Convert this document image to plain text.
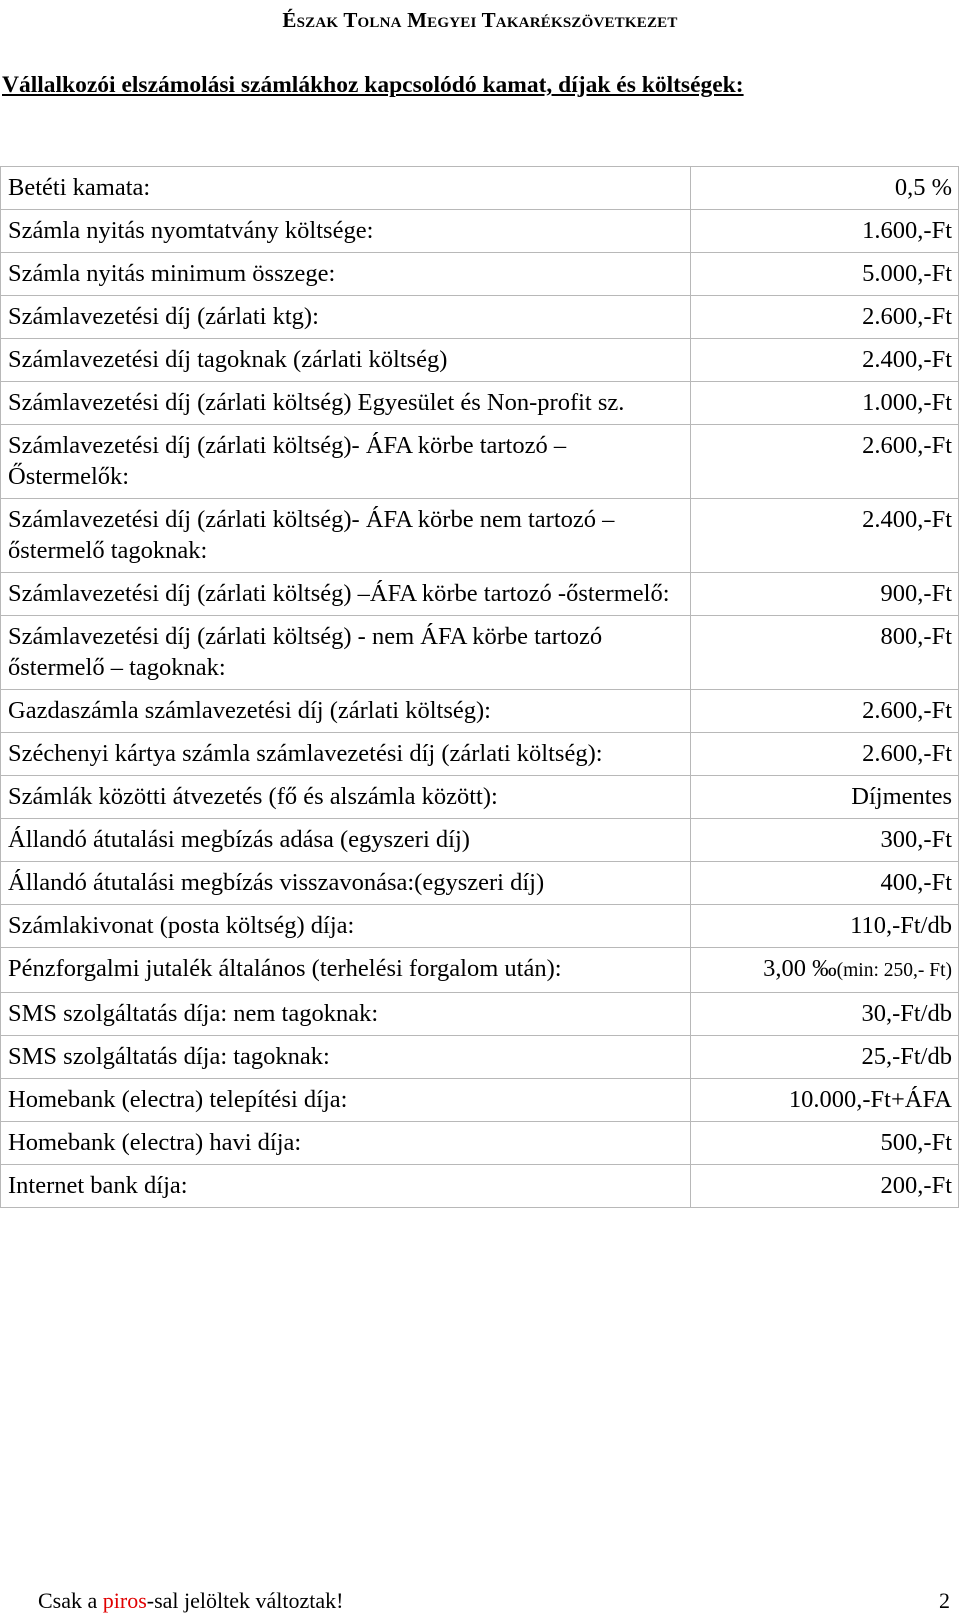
Észak Tolna Megyei Takarékszövetkezet
Vállalkozói elszámolási számlákhoz kapcsolódó kamat, díjak és költségek:
Betéti kamata:	0,5 %
Számla nyitás nyomtatvány költsége:	1.600,-Ft
Számla nyitás minimum összege:	5.000,-Ft
Számlavezetési díj (zárlati ktg):	2.600,-Ft
Számlavezetési díj tagoknak (zárlati költség)	2.400,-Ft
Számlavezetési díj (zárlati költség) Egyesület és Non-profit sz.	1.000,-Ft
Számlavezetési díj (zárlati költség)- ÁFA körbe tartozó – Őstermelők:	2.600,-Ft
Számlavezetési díj (zárlati költség)- ÁFA körbe nem tartozó –őstermelő tagoknak:	2.400,-Ft
Számlavezetési díj (zárlati költség) –ÁFA körbe tartozó -őstermelő:	900,-Ft
Számlavezetési díj (zárlati költség) - nem ÁFA körbe tartozó őstermelő – tagoknak:	800,-Ft
Gazdaszámla számlavezetési díj (zárlati költség):	2.600,-Ft
Széchenyi kártya számla számlavezetési díj (zárlati költség):	2.600,-Ft
Számlák közötti átvezetés (fő és alszámla között):	Díjmentes
Állandó átutalási megbízás adása (egyszeri díj)	300,-Ft
Állandó átutalási megbízás visszavonása:(egyszeri díj)	400,-Ft
Számlakivonat (posta költség) díja:	110,-Ft/db
Pénzforgalmi jutalék általános (terhelési forgalom után):	3,00 ‰(min: 250,- Ft)
SMS szolgáltatás díja: nem tagoknak:	30,-Ft/db
SMS szolgáltatás díja: tagoknak:	25,-Ft/db
Homebank (electra) telepítési díja:	10.000,-Ft+ÁFA
Homebank (electra) havi díja:	500,-Ft
Internet bank díja:	200,-Ft
Csak a piros-sal jelöltek változtak!	2
